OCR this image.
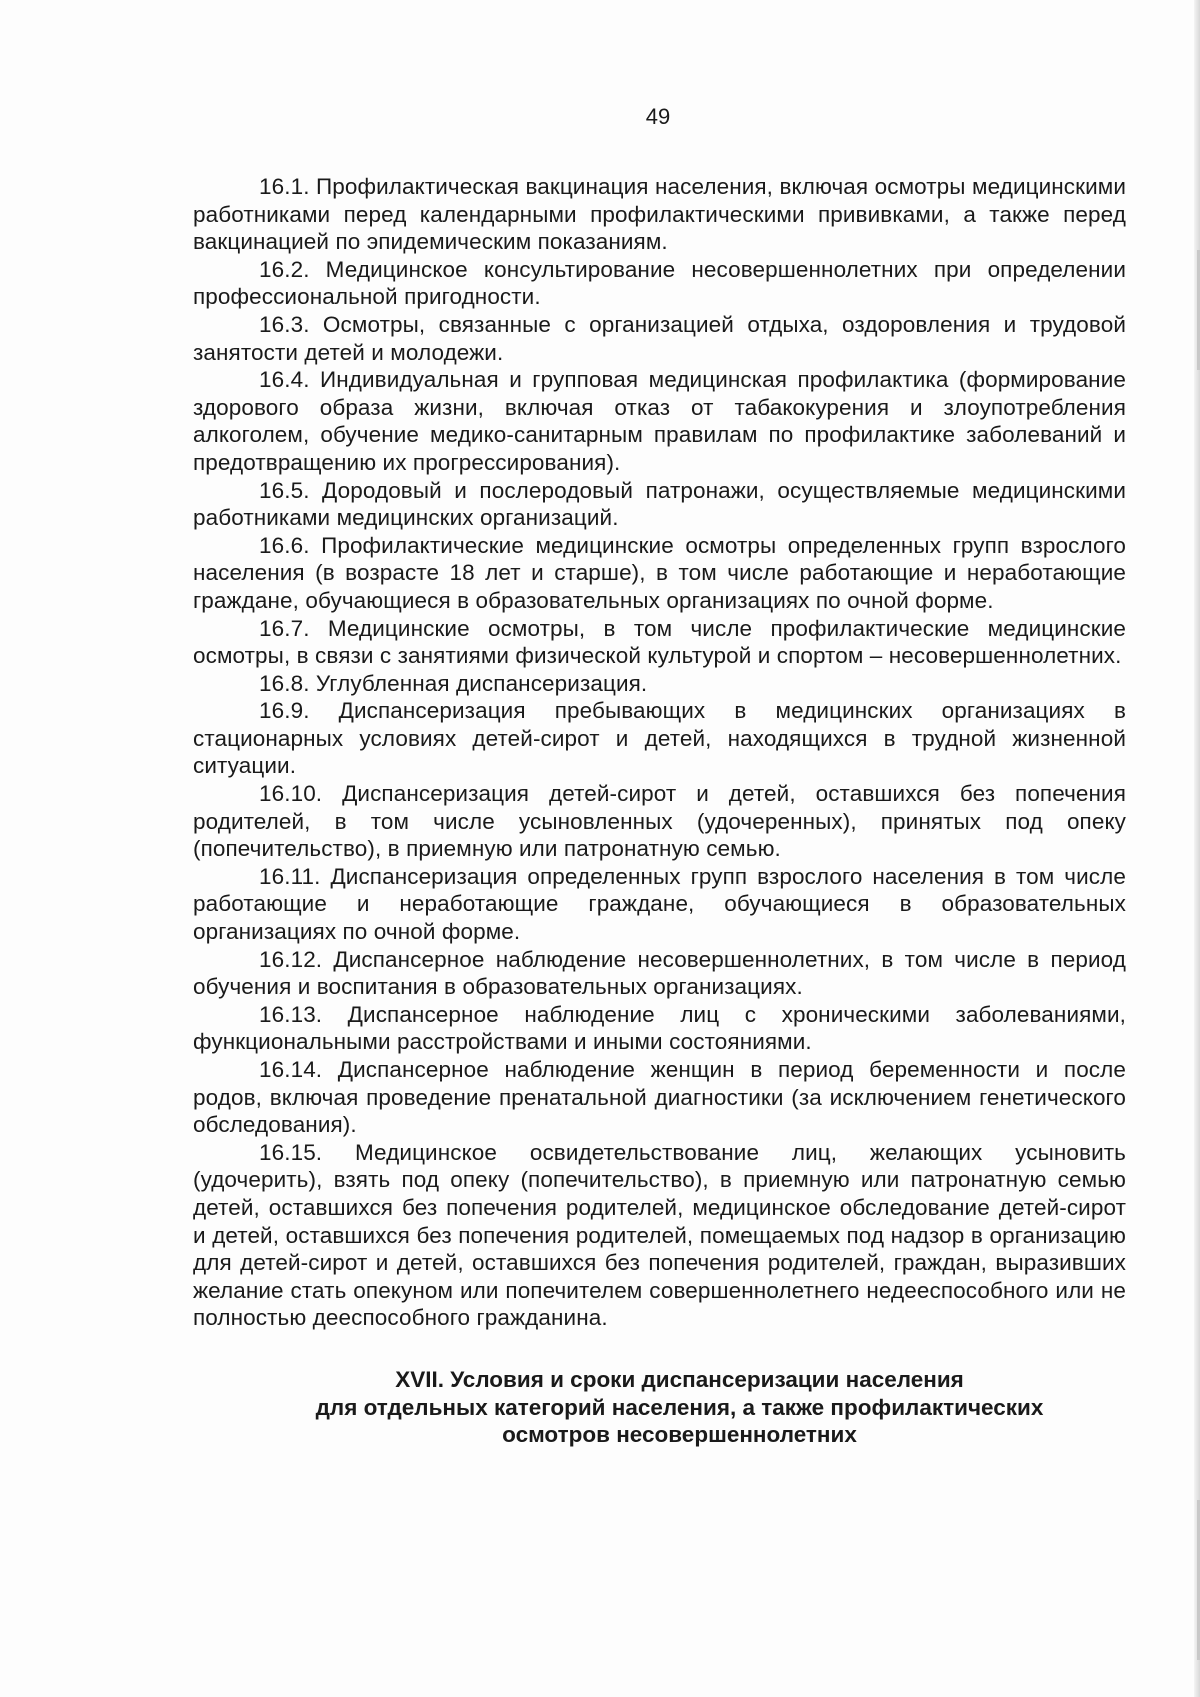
49

16.1. Профилактическая вакцинация населения, включая осмотры медицинскими работниками перед календарными профилактическими прививками, а также перед вакцинацией по эпидемическим показаниям.

16.2. Медицинское консультирование несовершеннолетних при определении профессиональной пригодности.

16.3. Осмотры, связанные с организацией отдыха, оздоровления и трудовой занятости детей и молодежи.

16.4. Индивидуальная и групповая медицинская профилактика (формирование здорового образа жизни, включая отказ от табакокурения и злоупотребления алкоголем, обучение медико-санитарным правилам по профилактике заболеваний и предотвращению их прогрессирования).

16.5. Дородовый и послеродовый патронажи, осуществляемые медицинскими работниками медицинских организаций.

16.6. Профилактические медицинские осмотры определенных групп взрослого населения (в возрасте 18 лет и старше), в том числе работающие и неработающие граждане, обучающиеся в образовательных организациях по очной форме.

16.7. Медицинские осмотры, в том числе профилактические медицинские осмотры, в связи с занятиями физической культурой и спортом – несовершеннолетних.

16.8. Углубленная диспансеризация.

16.9. Диспансеризация пребывающих в медицинских организациях в стационарных условиях детей-сирот и детей, находящихся в трудной жизненной ситуации.

16.10. Диспансеризация детей-сирот и детей, оставшихся без попечения родителей, в том числе усыновленных (удочеренных), принятых под опеку (попечительство), в приемную или патронатную семью.

16.11. Диспансеризация определенных групп взрослого населения в том числе работающие и неработающие граждане, обучающиеся в образовательных организациях по очной форме.

16.12. Диспансерное наблюдение несовершеннолетних, в том числе в период обучения и воспитания в образовательных организациях.

16.13. Диспансерное наблюдение лиц с хроническими заболеваниями, функциональными расстройствами и иными состояниями.

16.14. Диспансерное наблюдение женщин в период беременности и после родов, включая проведение пренатальной диагностики (за исключением генетического обследования).

16.15. Медицинское освидетельствование лиц, желающих усыновить (удочерить), взять под опеку (попечительство), в приемную или патронатную семью детей, оставшихся без попечения родителей, медицинское обследование детей-сирот и детей, оставшихся без попечения родителей, помещаемых под надзор в организацию для детей-сирот и детей, оставшихся без попечения родителей, граждан, выразивших желание стать опекуном или попечителем совершеннолетнего недееспособного или не полностью дееспособного гражданина.

XVII. Условия и сроки диспансеризации населения
для отдельных категорий населения, а также профилактических
осмотров несовершеннолетних
